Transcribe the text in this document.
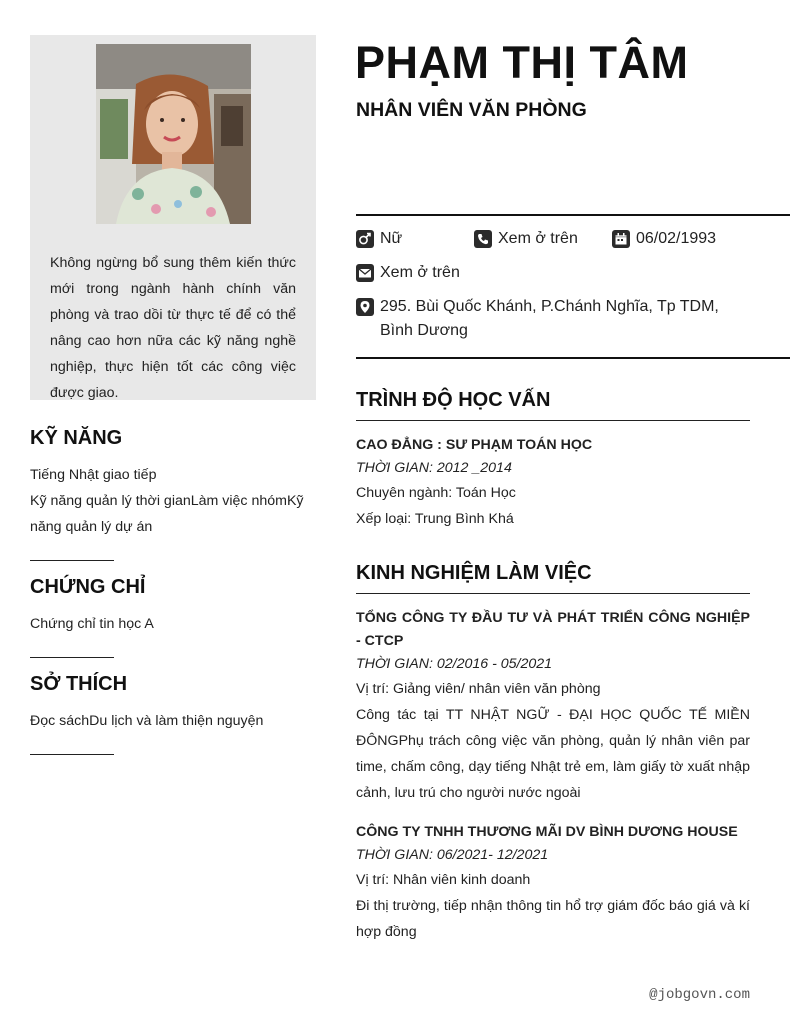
Không ngừng bổ sung thêm kiến thức mới trong ngành hành chính văn phòng và trao dồi từ thực tế để có thể nâng cao hơn nữa các kỹ năng nghề nghiệp, thực hiện tốt các công việc được giao.

KỸ NĂNG
Tiếng Nhật giao tiếp
Kỹ năng quản lý thời gianLàm việc nhómKỹ năng quản lý dự án
CHỨNG CHỈ
Chứng chỉ tin học A
SỞ THÍCH
Đọc sáchDu lịch và làm thiện nguyện
PHẠM THỊ TÂM
NHÂN VIÊN VĂN PHÒNG
Nữ	Xem ở trên	06/02/1993
Xem ở trên
295. Bùi Quốc Khánh, P.Chánh Nghĩa, Tp TDM, Bình Dương
TRÌNH ĐỘ HỌC VẤN
CAO ĐẲNG : SƯ PHẠM TOÁN HỌC
THỜI GIAN: 2012 _2014
Chuyên ngành: Toán Học
Xếp loại: Trung Bình Khá
KINH NGHIỆM LÀM VIỆC
TỔNG CÔNG TY ĐẦU TƯ VÀ PHÁT TRIỂN CÔNG NGHIỆP - CTCP
THỜI GIAN: 02/2016 - 05/2021
Vị trí: Giảng viên/ nhân viên văn phòng
Công tác tại TT NHẬT NGỮ - ĐẠI HỌC QUỐC TẾ MIỀN ĐÔNGPhụ trách công việc văn phòng, quản lý nhân viên par time, chấm công, dạy tiếng Nhật trẻ em, làm giấy tờ xuất nhập cảnh, lưu trú cho người nước ngoài
CÔNG TY TNHH THƯƠNG MÃI DV BÌNH DƯƠNG HOUSE
THỜI GIAN: 06/2021- 12/2021
Vị trí: Nhân viên kinh doanh
Đi thị trường, tiếp nhận thông tin hổ trợ giám đốc báo giá và kí hợp đồng
@jobgovn.com
